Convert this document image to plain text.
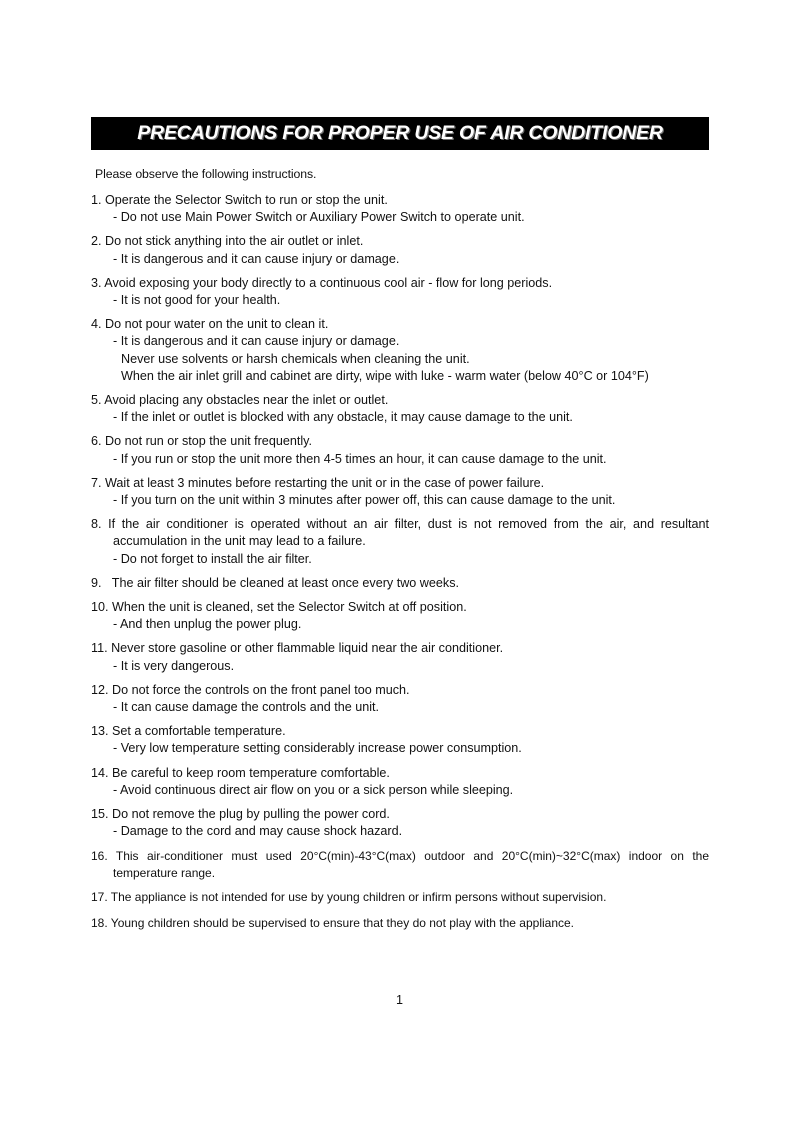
PRECAUTIONS FOR PROPER USE OF AIR CONDITIONER
Please observe the following instructions.
1. Operate the Selector Switch to run or stop the unit.
- Do not use Main Power Switch or Auxiliary Power Switch to operate unit.
2. Do not stick anything into the air outlet or inlet.
- It is dangerous and it can cause injury or damage.
3. Avoid exposing your body directly to a continuous cool air - flow for long periods.
- It is not good for your health.
4. Do not pour water on the unit to clean it.
- It is dangerous and it can cause injury or damage.
Never use solvents or harsh chemicals when cleaning the unit.
When the air inlet grill and cabinet are dirty, wipe with luke - warm water (below 40°C or 104°F)
5. Avoid placing any obstacles near the inlet or outlet.
- If the inlet or outlet is blocked with any obstacle, it may cause damage to the unit.
6. Do not run or stop the unit frequently.
- If you run or stop the unit more then 4-5 times an hour, it can cause damage to the unit.
7. Wait at least 3 minutes before restarting the unit or in the case of power failure.
- If you turn on the unit within 3 minutes after power off, this can cause damage to the unit.
8. If the air conditioner is operated without an air filter, dust is not removed from the air, and resultant
accumulation in the unit may lead to a failure.
- Do not forget to install the air filter.
9.   The air filter should be cleaned at least once every two weeks.
10. When the unit is cleaned, set the Selector Switch at off position.
- And then unplug the power plug.
11. Never store gasoline or other flammable liquid near the air conditioner.
- It is very dangerous.
12. Do not force the controls on the front panel too much.
- It can cause damage the controls and the unit.
13. Set a comfortable temperature.
- Very low temperature setting considerably increase power consumption.
14. Be careful to keep room temperature comfortable.
- Avoid continuous direct air flow on you or a sick person while sleeping.
15. Do not remove the plug by pulling the power cord.
- Damage to the cord and may cause shock hazard.
16. This air-conditioner must used 20°C(min)-43°C(max) outdoor and 20°C(min)~32°C(max) indoor on the
temperature range.
17. The appliance is not intended for use by young children or infirm persons without supervision.
18. Young children should be supervised to ensure that they do not play with the appliance.
1
